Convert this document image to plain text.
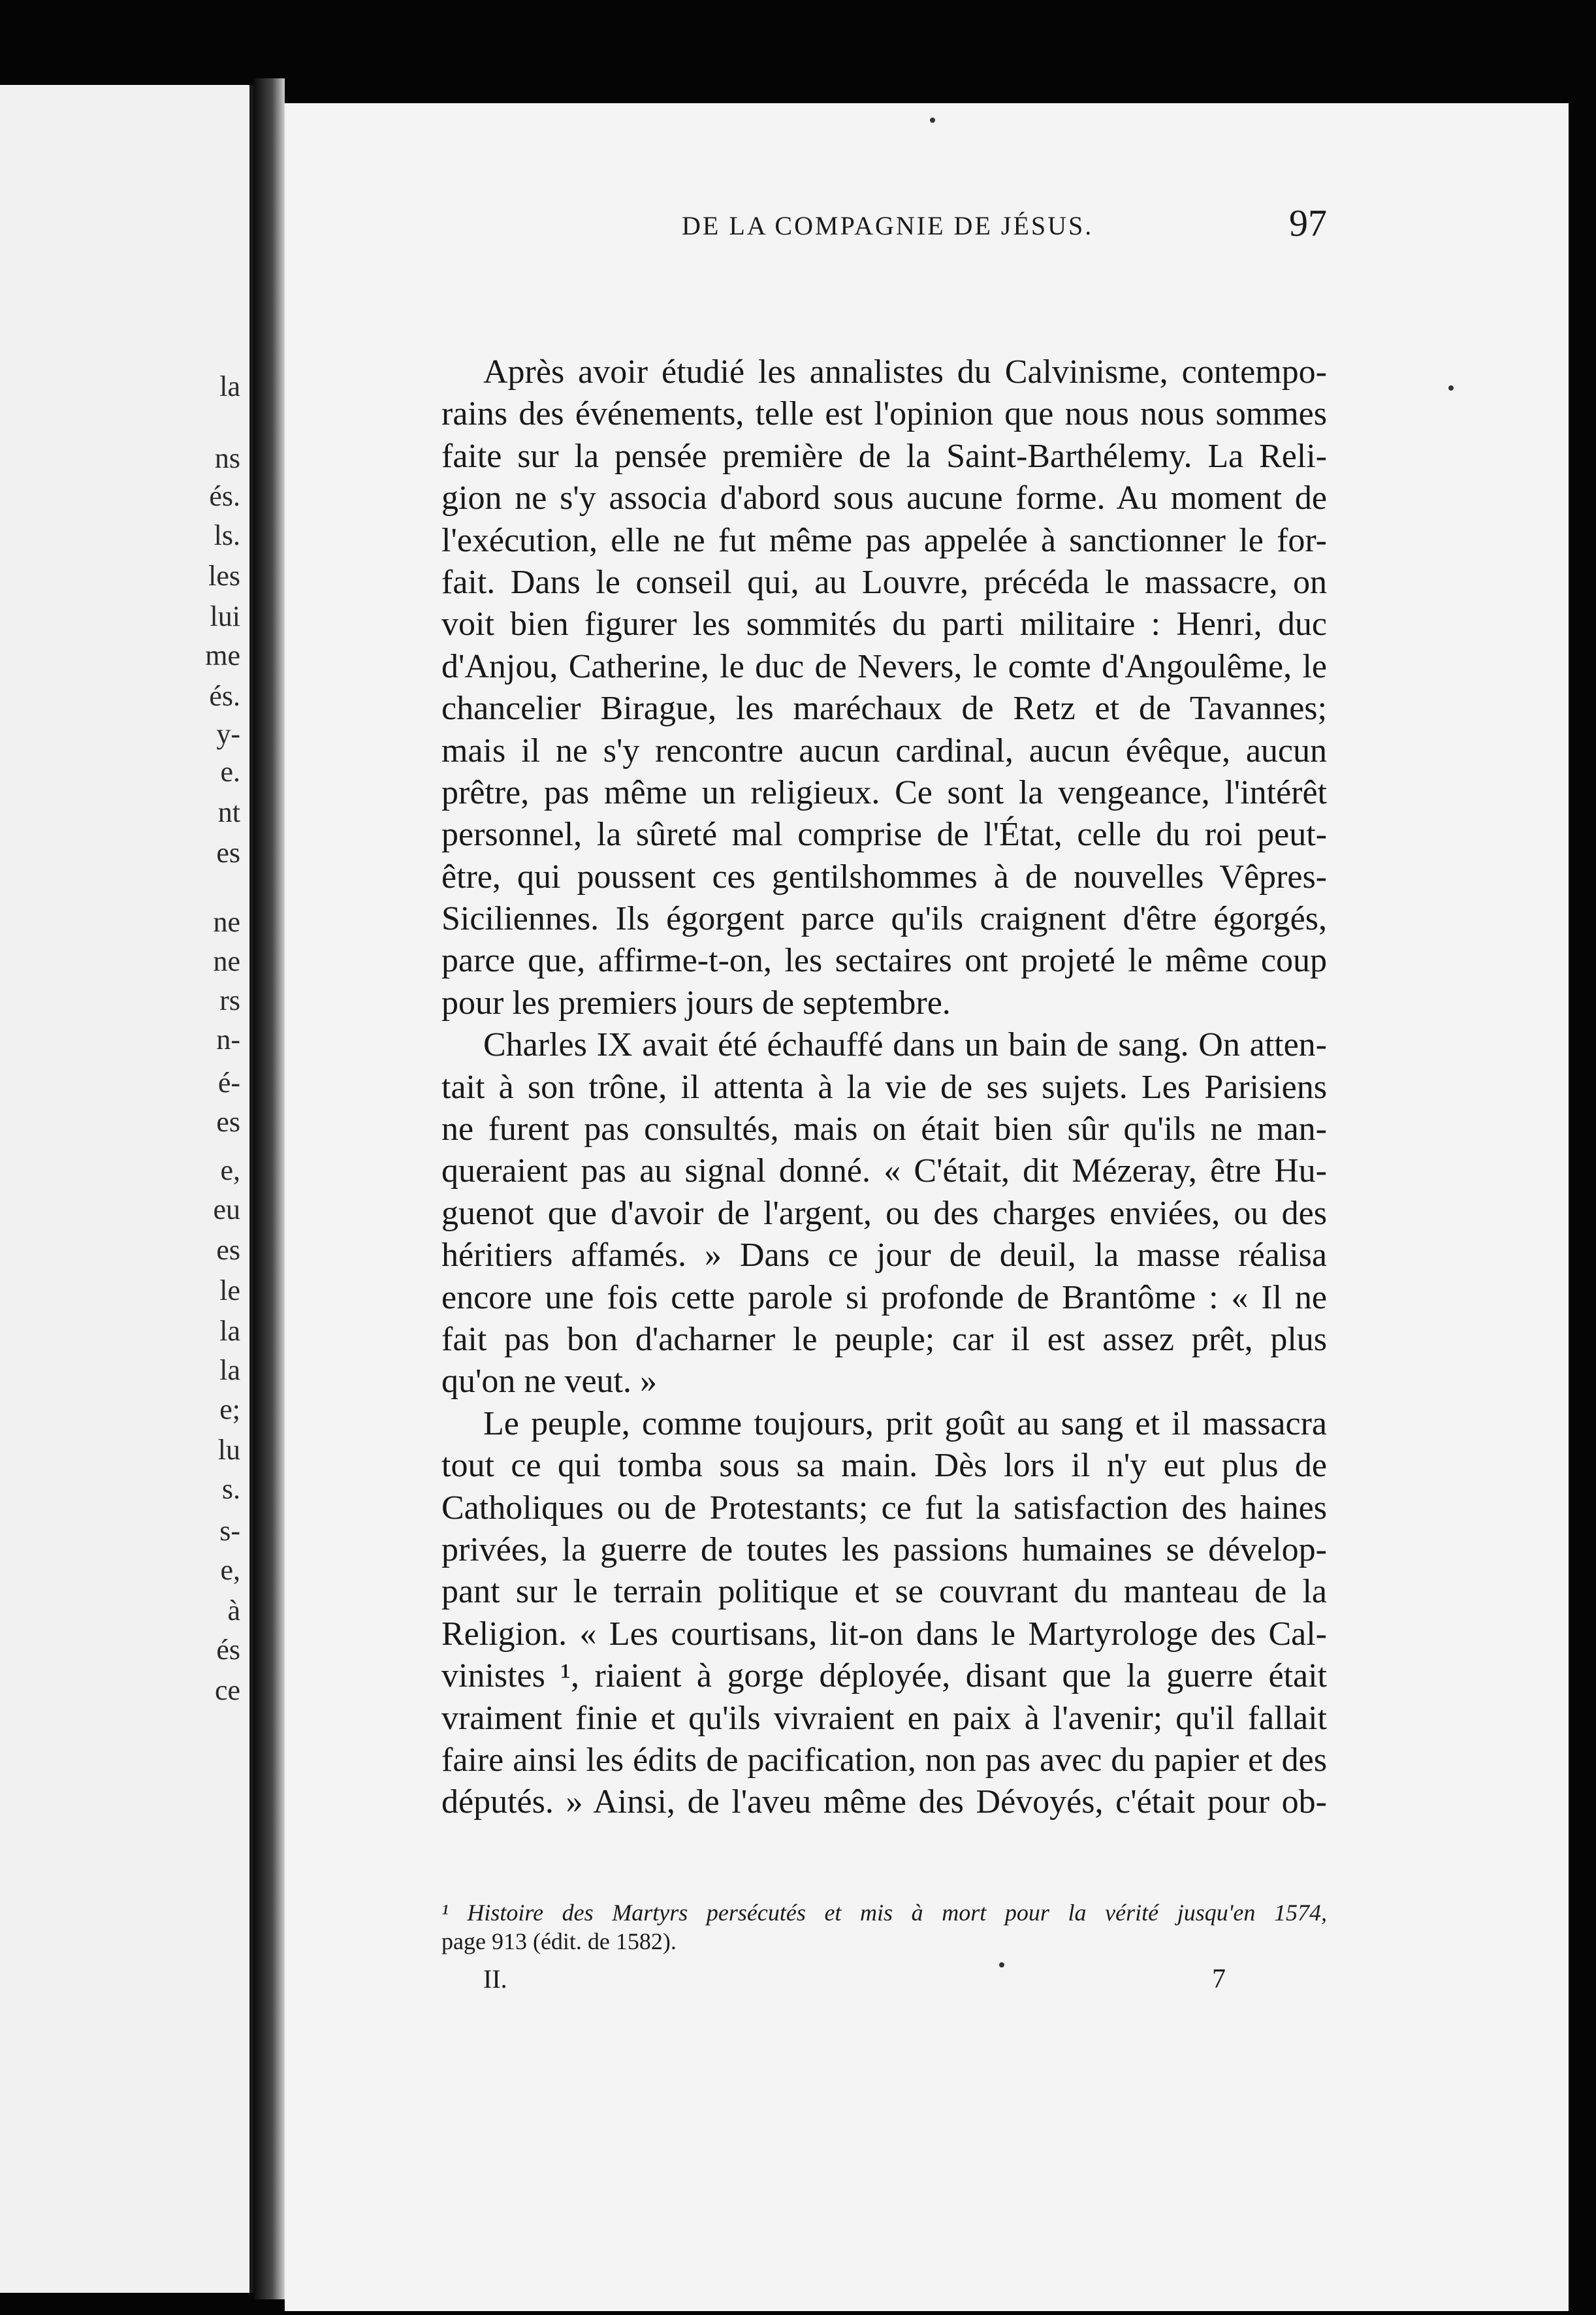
la
ns
és.
ls.
les
lui
me
és.
y-
e.
nt
es
ne
ne
rs
n-
é-
es
e,
eu
es
le
la
la
e;
lu
s.
s-
e,
à
és
ce
DE LA COMPAGNIE DE JÉSUS.	97
Après avoir étudié les annalistes du Calvinisme, contempo-
rains des événements, telle est l'opinion que nous nous sommes
faite sur la pensée première de la Saint-Barthélemy. La Reli-
gion ne s'y associa d'abord sous aucune forme. Au moment de
l'exécution, elle ne fut même pas appelée à sanctionner le for-
fait. Dans le conseil qui, au Louvre, précéda le massacre, on
voit bien figurer les sommités du parti militaire : Henri, duc
d'Anjou, Catherine, le duc de Nevers, le comte d'Angoulême, le
chancelier Birague, les maréchaux de Retz et de Tavannes;
mais il ne s'y rencontre aucun cardinal, aucun évêque, aucun
prêtre, pas même un religieux. Ce sont la vengeance, l'intérêt
personnel, la sûreté mal comprise de l'État, celle du roi peut-
être, qui poussent ces gentilshommes à de nouvelles Vêpres-
Siciliennes. Ils égorgent parce qu'ils craignent d'être égorgés,
parce que, affirme-t-on, les sectaires ont projeté le même coup
pour les premiers jours de septembre.
Charles IX avait été échauffé dans un bain de sang. On atten-
tait à son trône, il attenta à la vie de ses sujets. Les Parisiens
ne furent pas consultés, mais on était bien sûr qu'ils ne man-
queraient pas au signal donné. « C'était, dit Mézeray, être Hu-
guenot que d'avoir de l'argent, ou des charges enviées, ou des
héritiers affamés. » Dans ce jour de deuil, la masse réalisa
encore une fois cette parole si profonde de Brantôme : « Il ne
fait pas bon d'acharner le peuple; car il est assez prêt, plus
qu'on ne veut. »
Le peuple, comme toujours, prit goût au sang et il massacra
tout ce qui tomba sous sa main. Dès lors il n'y eut plus de
Catholiques ou de Protestants; ce fut la satisfaction des haines
privées, la guerre de toutes les passions humaines se dévelop-
pant sur le terrain politique et se couvrant du manteau de la
Religion. « Les courtisans, lit-on dans le Martyrologe des Cal-
vinistes ¹, riaient à gorge déployée, disant que la guerre était
vraiment finie et qu'ils vivraient en paix à l'avenir; qu'il fallait
faire ainsi les édits de pacification, non pas avec du papier et des
députés. » Ainsi, de l'aveu même des Dévoyés, c'était pour ob-
¹ Histoire des Martyrs persécutés et mis à mort pour la vérité jusqu'en 1574,
page 913 (édit. de 1582).
II.	7
